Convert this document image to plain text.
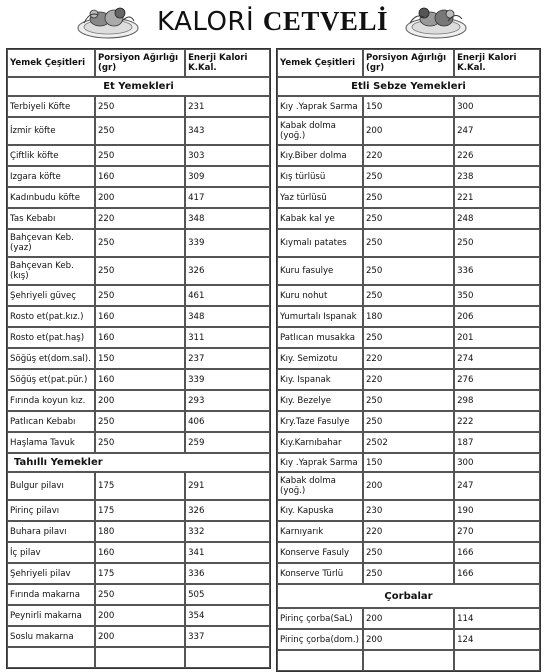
KALORİ CETVELİ
Yemek Çeşitleri	Porsiyon Ağırlığı (gr)	Enerji Kalori K.Kal.
Et Yemekleri		
Terbiyeli Köfte	250	231
İzmir köfte	250	343
Çiftlik köfte	250	303
Izgara köfte	160	309
Kadınbudu köfte	200	417
Tas Kebabı	220	348
Bahçevan Keb. (yaz)	250	339
Bahçevan Keb. (kış)	250	326
Şehriyeli güveç	250	461
Rosto et(pat.kız.)	160	348
Rosto et(pat.haş)	160	311
Söğüş et(dom.sal).	150	237
Söğüş et(pat.pür.)	160	339
Fırında koyun kız.	200	293
Patlıcan Kebabı	250	406
Haşlama Tavuk	250	259
Tahıllı Yemekler		
Bulgur pilavı	175	291
Pirinç pilavı	175	326
Buhara pilavı	180	332
İç pilav	160	341
Şehriyeli pilav	175	336
Fırında makarna	250	505
Peynirli makarna	200	354
Soslu makarna	200	337

Yemek Çeşitleri	Porsiyon Ağırlığı (gr)	Enerji Kalori K.Kal.
Etli Sebze Yemekleri		
Kıy .Yaprak Sarma	150	300
Kabak dolma (yoğ.)	200	247
Kıy.Biber dolma	220	226
Kış türlüsü	250	238
Yaz türlüsü	250	221
Kabak kal ye	250	248
Kıymalı patates	250	250
Kuru fasulye	250	336
Kuru nohut	250	350
Yumurtalı Ispanak	180	206
Patlıcan musakka	250	201
Kıy. Semizotu	220	274
Kıy. Ispanak	220	276
Kıy. Bezelye	250	298
Kry.Taze Fasulye	250	222
Kıy.Karnıbahar	2502	187
Kıy .Yaprak Sarma	150	300
Kabak dolma (yoğ.)	200	247
Kıy. Kapuska	230	190
Karnıyarık	220	270
Konserve Fasuly	250	166
Konserve Türlü	250	166
Çorbalar		
Pirinç çorba(SaL)	200	114
Pirinç çorba(dom.)	200	124
